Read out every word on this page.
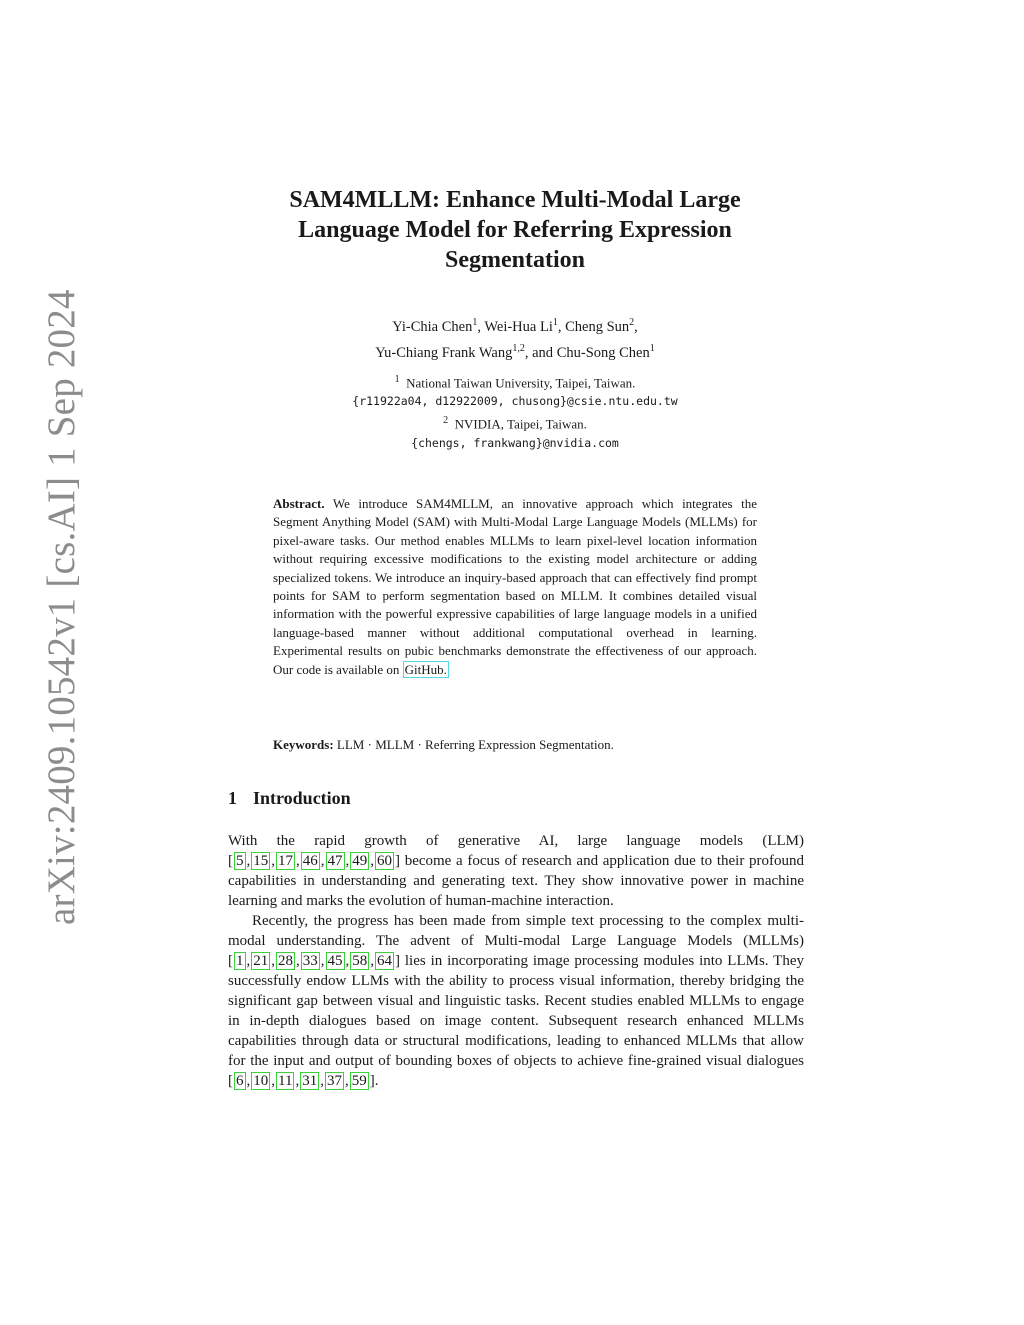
arXiv:2409.10542v1 [cs.AI] 1 Sep 2024
SAM4MLLM: Enhance Multi-Modal Large
Language Model for Referring Expression
Segmentation
Yi-Chia Chen$^1$, Wei-Hua Li$^1$, Cheng Sun$^2$,
Yu-Chiang Frank Wang$^{1,2}$, and Chu-Song Chen$^1$
$^1$ National Taiwan University, Taipei, Taiwan.
{r11922a04, d12922009, chusong}@csie.ntu.edu.tw
$^2$ NVIDIA, Taipei, Taiwan.
{chengs, frankwang}@nvidia.com
Abstract. We introduce SAM4MLLM, an innovative approach which integrates the Segment Anything Model (SAM) with Multi-Modal Large Language Models (MLLMs) for pixel-aware tasks. Our method enables MLLMs to learn pixel-level location information without requiring excessive modifications to the existing model architecture or adding specialized tokens. We introduce an inquiry-based approach that can effectively find prompt points for SAM to perform segmentation based on MLLM. It combines detailed visual information with the powerful expressive capabilities of large language models in a unified language-based manner without additional computational overhead in learning. Experimental results on pubic benchmarks demonstrate the effectiveness of our approach. Our code is available on GitHub.
Keywords: LLM · MLLM · Referring Expression Segmentation.
1 Introduction

With the rapid growth of generative AI, large language models (LLM) [ 5 , 15 , 17 , 46 , 47 , 49 , 60 ] become a focus of research and application due to their profound capabilities in understanding and generating text. They show innovative power in machine learning and marks the evolution of human-machine interaction.

Recently, the progress has been made from simple text processing to the complex multi-modal understanding. The advent of Multi-modal Large Language Models (MLLMs) [ 1 , 21 , 28 , 33 , 45 , 58 , 64 ] lies in incorporating image processing modules into LLMs. They successfully endow LLMs with the ability to process visual information, thereby bridging the significant gap between visual and linguistic tasks. Recent studies enabled MLLMs to engage in in-depth dialogues based on image content. Subsequent research enhanced MLLMs capabilities through data or structural modifications, leading to enhanced MLLMs that allow for the input and output of bounding boxes of objects to achieve fine-grained visual dialogues [ 6 , 10 , 11 , 31 , 37 , 59 ].
